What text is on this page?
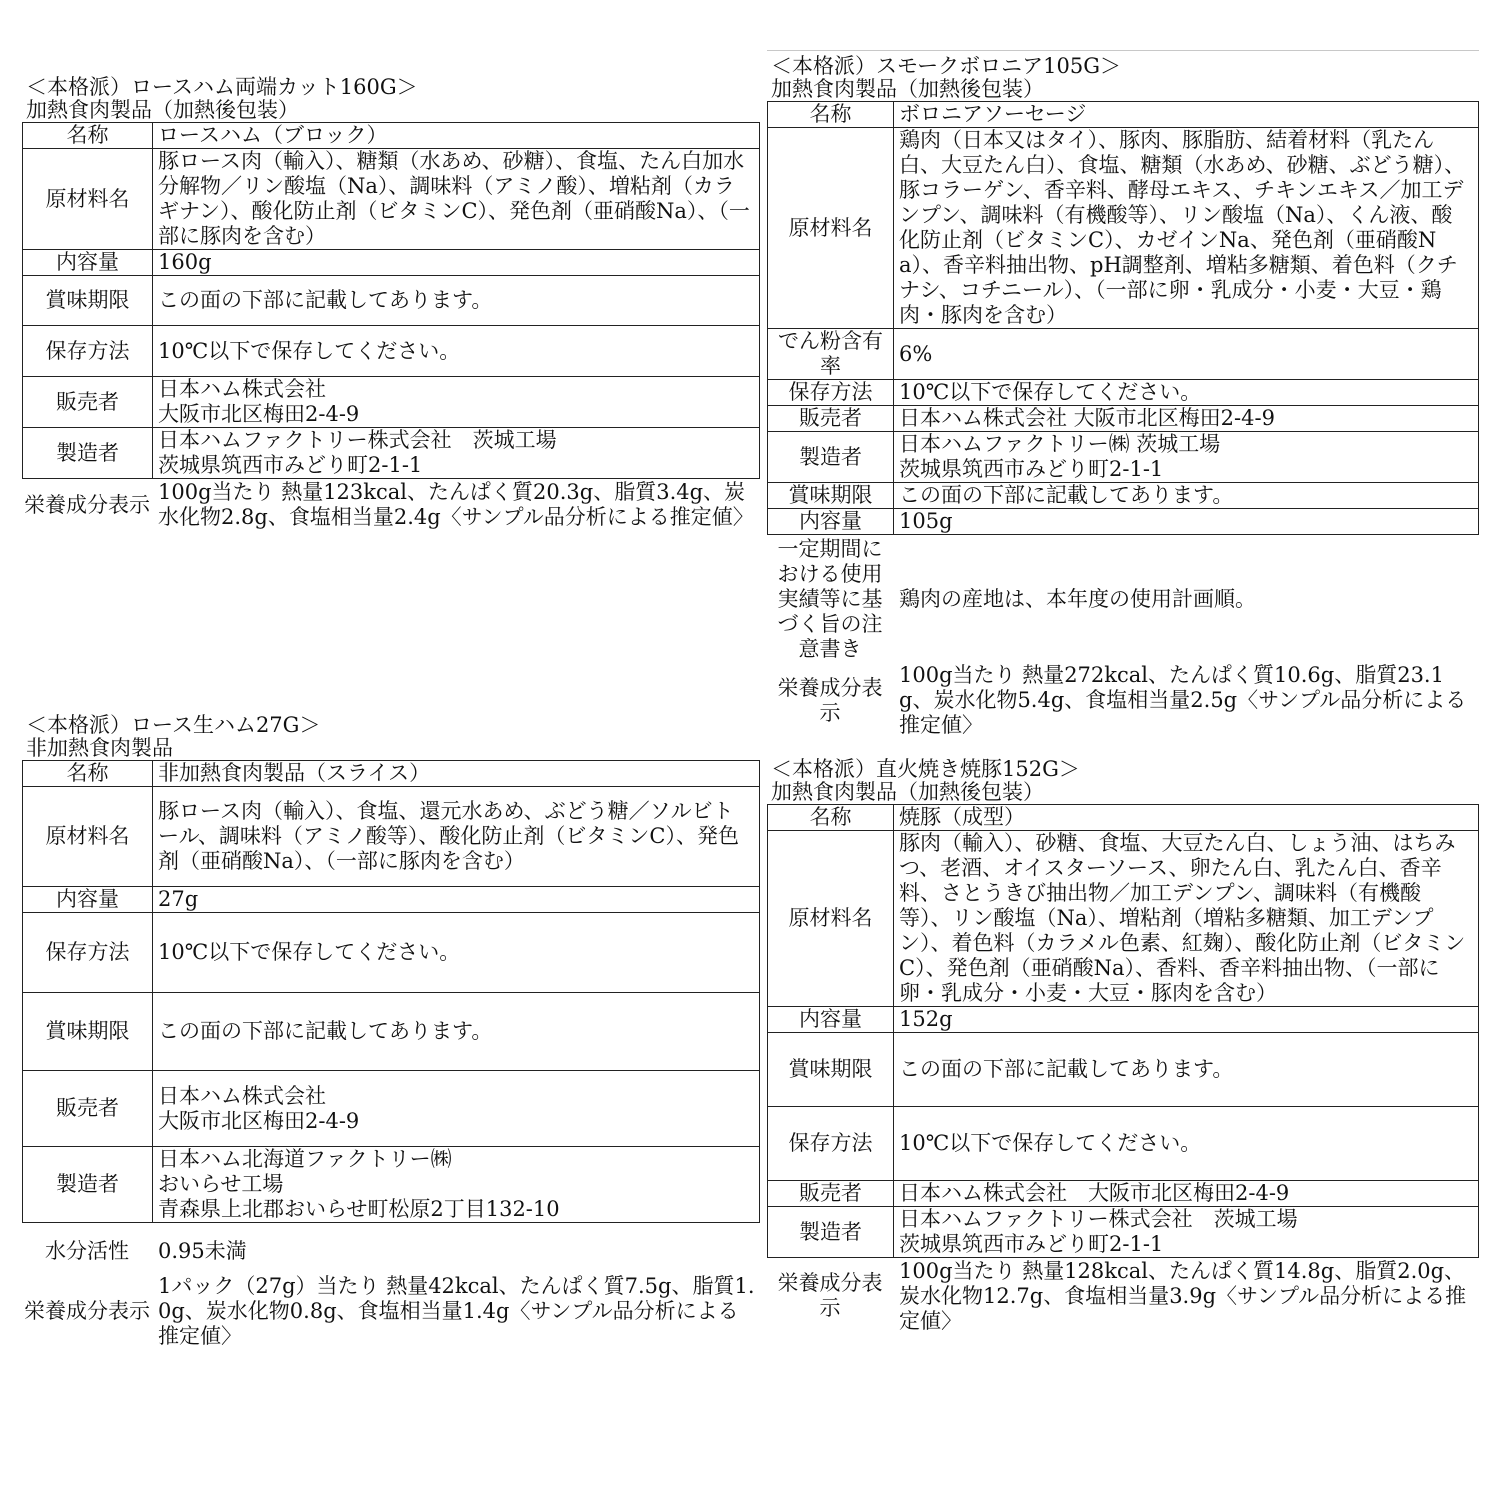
＜本格派）ロースハム両端カット160G＞
加熱食肉製品（加熱後包装）
名称	ロースハム（ブロック）
原材料名	豚ロース肉（輸入）、糖類（水あめ、砂糖）、食塩、たん白加水分解物／リン酸塩（Na）、調味料（アミノ酸）、増粘剤（カラギナン）、酸化防止剤（ビタミンC）、発色剤（亜硝酸Na）、（一部に豚肉を含む）
内容量	160g
賞味期限	この面の下部に記載してあります。
保存方法	10℃以下で保存してください。
販売者	日本ハム株式会社
大阪市北区梅田2-4-9
製造者	日本ハムファクトリー株式会社　茨城工場
茨城県筑西市みどり町2-1-1
栄養成分表示	100g当たり 熱量123kcal、たんぱく質20.3g、脂質3.4g、炭水化物2.8g、食塩相当量2.4g〈サンプル品分析による推定値〉
＜本格派）スモークボロニア105G＞
加熱食肉製品（加熱後包装）
名称	ボロニアソーセージ
原材料名	鶏肉（日本又はタイ）、豚肉、豚脂肪、結着材料（乳たん白、大豆たん白）、食塩、糖類（水あめ、砂糖、ぶどう糖）、豚コラーゲン、香辛料、酵母エキス、チキンエキス／加工デンプン、調味料（有機酸等）、リン酸塩（Na）、くん液、酸化防止剤（ビタミンC）、カゼインNa、発色剤（亜硝酸Na）、香辛料抽出物、pH調整剤、増粘多糖類、着色料（クチナシ、コチニール）、（一部に卵・乳成分・小麦・大豆・鶏肉・豚肉を含む）
でん粉含有率	6%
保存方法	10℃以下で保存してください。
販売者	日本ハム株式会社 大阪市北区梅田2-4-9
製造者	日本ハムファクトリー㈱ 茨城工場
茨城県筑西市みどり町2-1-1
賞味期限	この面の下部に記載してあります。
内容量	105g
一定期間における使用実績等に基づく旨の注意書き	鶏肉の産地は、本年度の使用計画順。
栄養成分表示	100g当たり 熱量272kcal、たんぱく質10.6g、脂質23.1g、炭水化物5.4g、食塩相当量2.5g〈サンプル品分析による推定値〉
＜本格派）ロース生ハム27G＞
非加熱食肉製品
名称	非加熱食肉製品（スライス）
原材料名	豚ロース肉（輸入）、食塩、還元水あめ、ぶどう糖／ソルビトール、調味料（アミノ酸等）、酸化防止剤（ビタミンC）、発色剤（亜硝酸Na）、（一部に豚肉を含む）
内容量	27g
保存方法	10℃以下で保存してください。
賞味期限	この面の下部に記載してあります。
販売者	日本ハム株式会社
大阪市北区梅田2-4-9
製造者	日本ハム北海道ファクトリー㈱
おいらせ工場
青森県上北郡おいらせ町松原2丁目132-10
水分活性	0.95未満
栄養成分表示	1パック（27g）当たり 熱量42kcal、たんぱく質7.5g、脂質1.0g、炭水化物0.8g、食塩相当量1.4g〈サンプル品分析による推定値〉
＜本格派）直火焼き焼豚152G＞
加熱食肉製品（加熱後包装）
名称	焼豚（成型）
原材料名	豚肉（輸入）、砂糖、食塩、大豆たん白、しょう油、はちみつ、老酒、オイスターソース、卵たん白、乳たん白、香辛料、さとうきび抽出物／加工デンプン、調味料（有機酸等）、リン酸塩（Na）、増粘剤（増粘多糖類、加工デンプン）、着色料（カラメル色素、紅麹）、酸化防止剤（ビタミンC）、発色剤（亜硝酸Na）、香料、香辛料抽出物、（一部に卵・乳成分・小麦・大豆・豚肉を含む）
内容量	152g
賞味期限	この面の下部に記載してあります。
保存方法	10℃以下で保存してください。
販売者	日本ハム株式会社　大阪市北区梅田2-4-9
製造者	日本ハムファクトリー株式会社　茨城工場
茨城県筑西市みどり町2-1-1
栄養成分表示	100g当たり 熱量128kcal、たんぱく質14.8g、脂質2.0g、炭水化物12.7g、食塩相当量3.9g〈サンプル品分析による推定値〉
